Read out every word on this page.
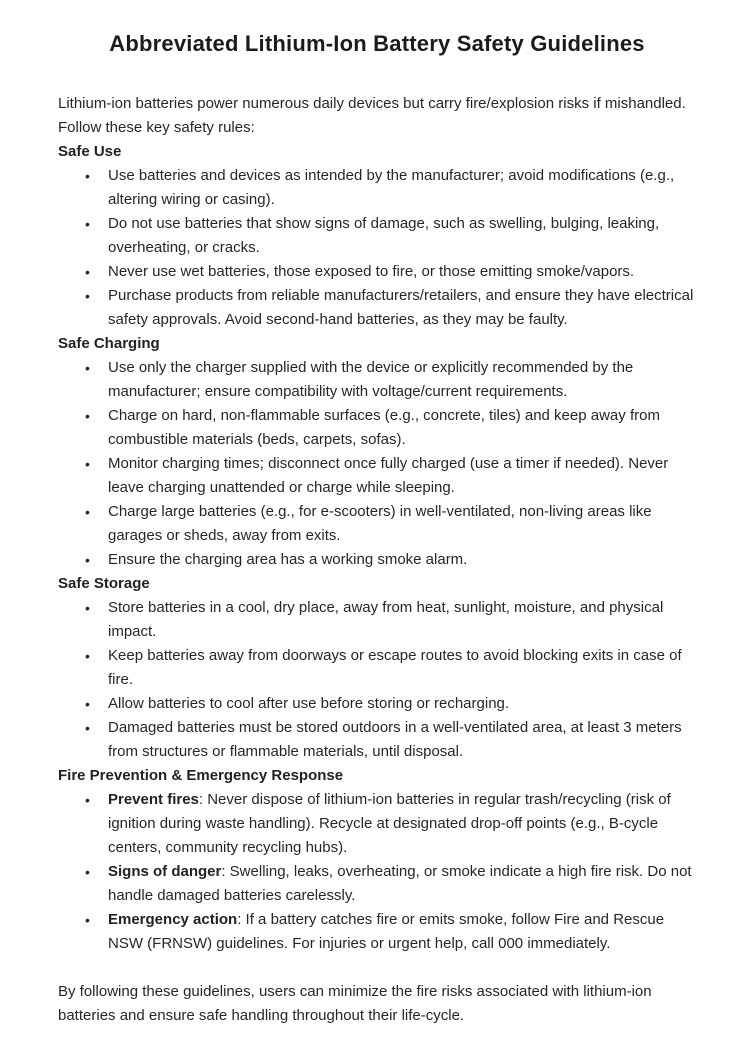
Abbreviated Lithium-Ion Battery Safety Guidelines

Lithium-ion batteries power numerous daily devices but carry fire/explosion risks if mishandled. Follow these key safety rules:

Safe Use
• Use batteries and devices as intended by the manufacturer; avoid modifications (e.g., altering wiring or casing).
• Do not use batteries that show signs of damage, such as swelling, bulging, leaking, overheating, or cracks.
• Never use wet batteries, those exposed to fire, or those emitting smoke/vapors.
• Purchase products from reliable manufacturers/retailers, and ensure they have electrical safety approvals. Avoid second-hand batteries, as they may be faulty.
Safe Charging
• Use only the charger supplied with the device or explicitly recommended by the manufacturer; ensure compatibility with voltage/current requirements.
• Charge on hard, non-flammable surfaces (e.g., concrete, tiles) and keep away from combustible materials (beds, carpets, sofas).
• Monitor charging times; disconnect once fully charged (use a timer if needed). Never leave charging unattended or charge while sleeping.
• Charge large batteries (e.g., for e-scooters) in well-ventilated, non-living areas like garages or sheds, away from exits.
• Ensure the charging area has a working smoke alarm.
Safe Storage
• Store batteries in a cool, dry place, away from heat, sunlight, moisture, and physical impact.
• Keep batteries away from doorways or escape routes to avoid blocking exits in case of fire.
• Allow batteries to cool after use before storing or recharging.
• Damaged batteries must be stored outdoors in a well-ventilated area, at least 3 meters from structures or flammable materials, until disposal.
Fire Prevention & Emergency Response
• Prevent fires: Never dispose of lithium-ion batteries in regular trash/recycling (risk of ignition during waste handling). Recycle at designated drop-off points (e.g., B-cycle centers, community recycling hubs).
• Signs of danger: Swelling, leaks, overheating, or smoke indicate a high fire risk. Do not handle damaged batteries carelessly.
• Emergency action: If a battery catches fire or emits smoke, follow Fire and Rescue NSW (FRNSW) guidelines. For injuries or urgent help, call 000 immediately.

By following these guidelines, users can minimize the fire risks associated with lithium-ion batteries and ensure safe handling throughout their life-cycle.
